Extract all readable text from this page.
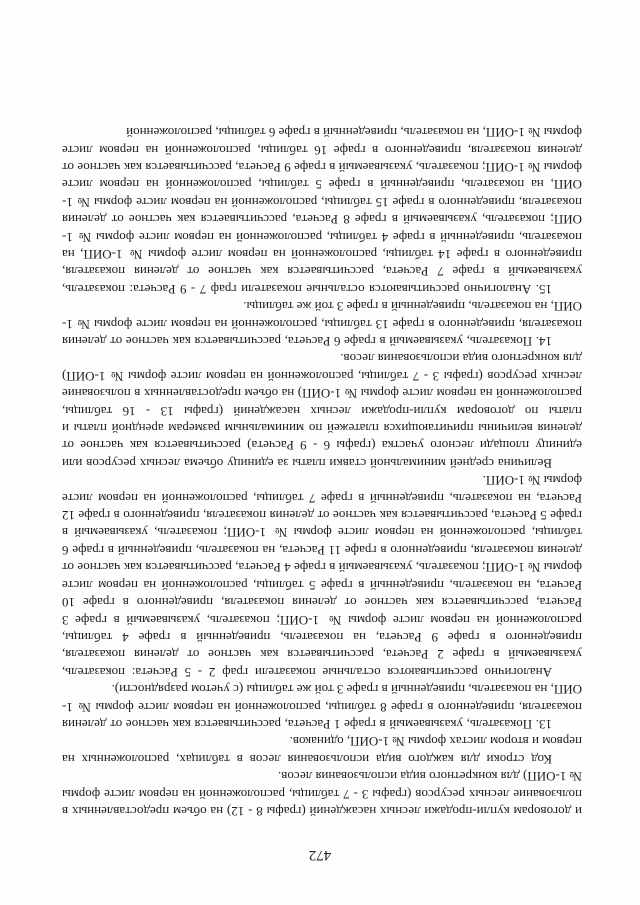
472

и договорам купли-продажи лесных насаждений (графы 8 - 12) на объем предоставленных в пользование лесных ресурсов (графы 3 - 7 таблицы, расположенной на первом листе формы № 1-ОИП) для конкретного вида использования лесов.

Код строки для каждого вида использования лесов в таблицах, расположенных на первом и втором листах формы № 1-ОИП, одинаков.

13. Показатель, указываемый в графе 1 Расчета, рассчитывается как частное от деления показателя, приведенного в графе 8 таблицы, расположенной на первом листе формы № 1-ОИП, на показатель, приведенный в графе 3 той же таблицы (с учетом разрядности).

Аналогично рассчитываются остальные показатели граф 2 - 5 Расчета: показатель, указываемый в графе 2 Расчета, рассчитывается как частное от деления показателя, приведенного в графе 9 Расчета, на показатель, приведенный в графе 4 таблицы, расположенной на первом листе формы № 1-ОИП; показатель, указываемый в графе 3 Расчета, рассчитывается как частное от деления показателя, приведенного в графе 10 Расчета, на показатель, приведенный в графе 5 таблицы, расположенной на первом листе формы № 1-ОИП; показатель, указываемый в графе 4 Расчета, рассчитывается как частное от деления показателя, приведенного в графе 11 Расчета, на показатель, приведенный в графе 6 таблицы, расположенной на первом листе формы № 1-ОИП; показатель, указываемый в графе 5 Расчета, рассчитывается как частное от деления показателя, приведенного в графе 12 Расчета, на показатель, приведенный в графе 7 таблицы, расположенной на первом листе формы № 1-ОИП.

Величина средней минимальной ставки платы за единицу объема лесных ресурсов или единицу площади лесного участка (графы 6 - 9 Расчета) рассчитывается как частное от деления величины причитающихся платежей по минимальным размерам арендной платы и платы по договорам купли-продажи лесных насаждений (графы 13 - 16 таблицы, расположенной на первом листе формы № 1-ОИП) на объем предоставленных в пользование лесных ресурсов (графы 3 - 7 таблицы, расположенной на первом листе формы № 1-ОИП) для конкретного вида использования лесов.

14. Показатель, указываемый в графе 6 Расчета, рассчитывается как частное от деления показателя, приведенного в графе 13 таблицы, расположенной на первом листе формы № 1-ОИП, на показатель, приведенный в графе 3 той же таблицы.

15. Аналогично рассчитываются остальные показатели граф 7 - 9 Расчета: показатель, указываемый в графе 7 Расчета, рассчитывается как частное от деления показателя, приведенного в графе 14 таблицы, расположенной на первом листе формы № 1-ОИП, на показатель, приведенный в графе 4 таблицы, расположенной на первом листе формы № 1-ОИП; показатель, указываемый в графе 8 Расчета, рассчитывается как частное от деления показателя, приведенного в графе 15 таблицы, расположенной на первом листе формы № 1-ОИП, на показатель, приведенный в графе 5 таблицы, расположенной на первом листе формы № 1-ОИП; показатель, указываемый в графе 9 Расчета, рассчитывается как частное от деления показателя, приведенного в графе 16 таблицы, расположенной на первом листе формы № 1-ОИП, на показатель, приведенный в графе 6 таблицы, расположенной
